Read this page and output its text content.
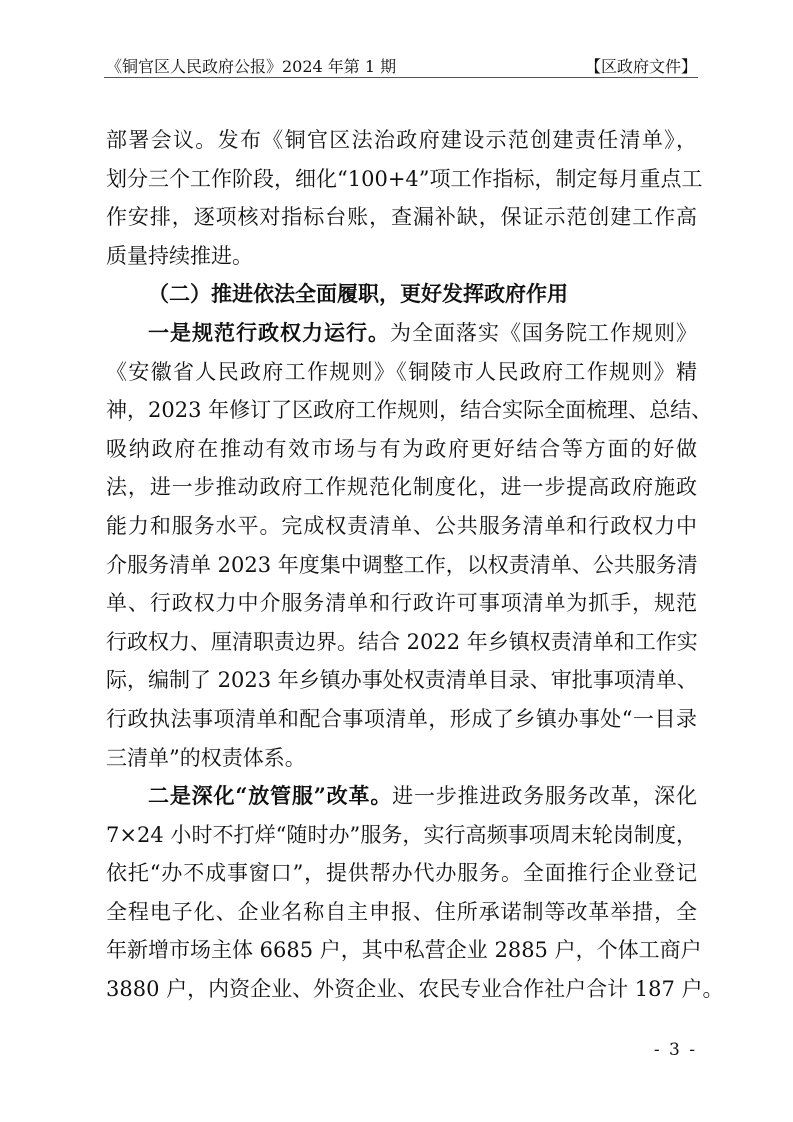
《铜官区人民政府公报》2024 年第 1 期	【区政府文件】
部署会议。发布《铜官区法治政府建设示范创建责任清单》，
划分三个工作阶段，细化“100+4”项工作指标，制定每月重点工
作安排，逐项核对指标台账，查漏补缺，保证示范创建工作高
质量持续推进。
（二）推进依法全面履职，更好发挥政府作用
一是规范行政权力运行。为全面落实《国务院工作规则》
《安徽省人民政府工作规则》《铜陵市人民政府工作规则》精
神，2023 年修订了区政府工作规则，结合实际全面梳理、总结、
吸纳政府在推动有效市场与有为政府更好结合等方面的好做
法，进一步推动政府工作规范化制度化，进一步提高政府施政
能力和服务水平。完成权责清单、公共服务清单和行政权力中
介服务清单 2023 年度集中调整工作，以权责清单、公共服务清
单、行政权力中介服务清单和行政许可事项清单为抓手，规范
行政权力、厘清职责边界。结合 2022 年乡镇权责清单和工作实
际，编制了 2023 年乡镇办事处权责清单目录、审批事项清单、
行政执法事项清单和配合事项清单，形成了乡镇办事处“一目录
三清单”的权责体系。
二是深化“放管服”改革。进一步推进政务服务改革，深化
7×24 小时不打烊“随时办”服务，实行高频事项周末轮岗制度，
依托“办不成事窗口”，提供帮办代办服务。全面推行企业登记
全程电子化、企业名称自主申报、住所承诺制等改革举措，全
年新增市场主体 6685 户，其中私营企业 2885 户，个体工商户
3880 户，内资企业、外资企业、农民专业合作社户合计 187 户。
- 3 -
